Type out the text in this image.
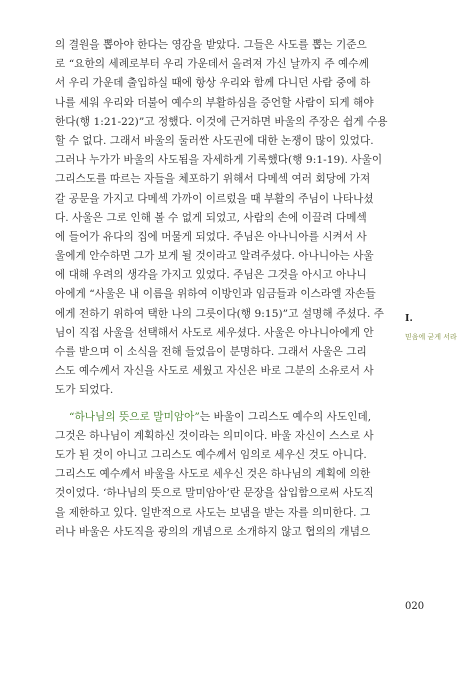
의 결원을 뽑아야 한다는 영감을 받았다. 그들은 사도를 뽑는 기준으
로 “요한의 세례로부터 우리 가운데서 올려져 가신 날까지 주 예수께
서 우리 가운데 출입하실 때에 항상 우리와 함께 다니던 사람 중에 하
나를 세워 우리와 더불어 예수의 부활하심을 증언할 사람이 되게 해야
한다(행 1:21-22)”고 정했다. 이것에 근거하면 바울의 주장은 쉽게 수용
할 수 없다. 그래서 바울의 둘러싼 사도권에 대한 논쟁이 많이 있었다.
그러나 누가가 바울의 사도됨을 자세하게 기록했다(행 9:1-19). 사울이
그리스도를 따르는 자들을 체포하기 위해서 다메섹 여러 회당에 가져
갈 공문을 가지고 다메섹 가까이 이르렀을 때 부활의 주님이 나타나셨
다. 사울은 그로 인해 볼 수 없게 되었고, 사람의 손에 이끌려 다메섹
에 들어가 유다의 집에 머물게 되었다. 주님은 아나니아를 시켜서 사
울에게 안수하면 그가 보게 될 것이라고 알려주셨다. 아나니아는 사울
에 대해 우려의 생각을 가지고 있었다. 주님은 그것을 아시고 아나니
아에게 “사울은 내 이름을 위하여 이방인과 임금들과 이스라엘 자손들
에게 전하기 위하여 택한 나의 그릇이다(행 9:15)”고 설명해 주셨다. 주
님이 직접 사울을 선택해서 사도로 세우셨다. 사울은 아나니아에게 안
수를 받으며 이 소식을 전해 들었음이 분명하다. 그래서 사울은 그리
스도 예수께서 자신을 사도로 세웠고 자신은 바로 그분의 소유로서 사
도가 되었다.
“하나님의 뜻으로 말미암아”는 바울이 그리스도 예수의 사도인데,
그것은 하나님이 계획하신 것이라는 의미이다. 바울 자신이 스스로 사
도가 된 것이 아니고 그리스도 예수께서 임의로 세우신 것도 아니다.
그리스도 예수께서 바울을 사도로 세우신 것은 하나님의 계획에 의한
것이었다. ‘하나님의 뜻으로 말미암아’란 문장을 삽입함으로써 사도직
을 제한하고 있다. 일반적으로 사도는 보냄을 받는 자를 의미한다. 그
러나 바울은 사도직을 광의의 개념으로 소개하지 않고 협의의 개념으
I.
믿음에 굳게 서라
020
